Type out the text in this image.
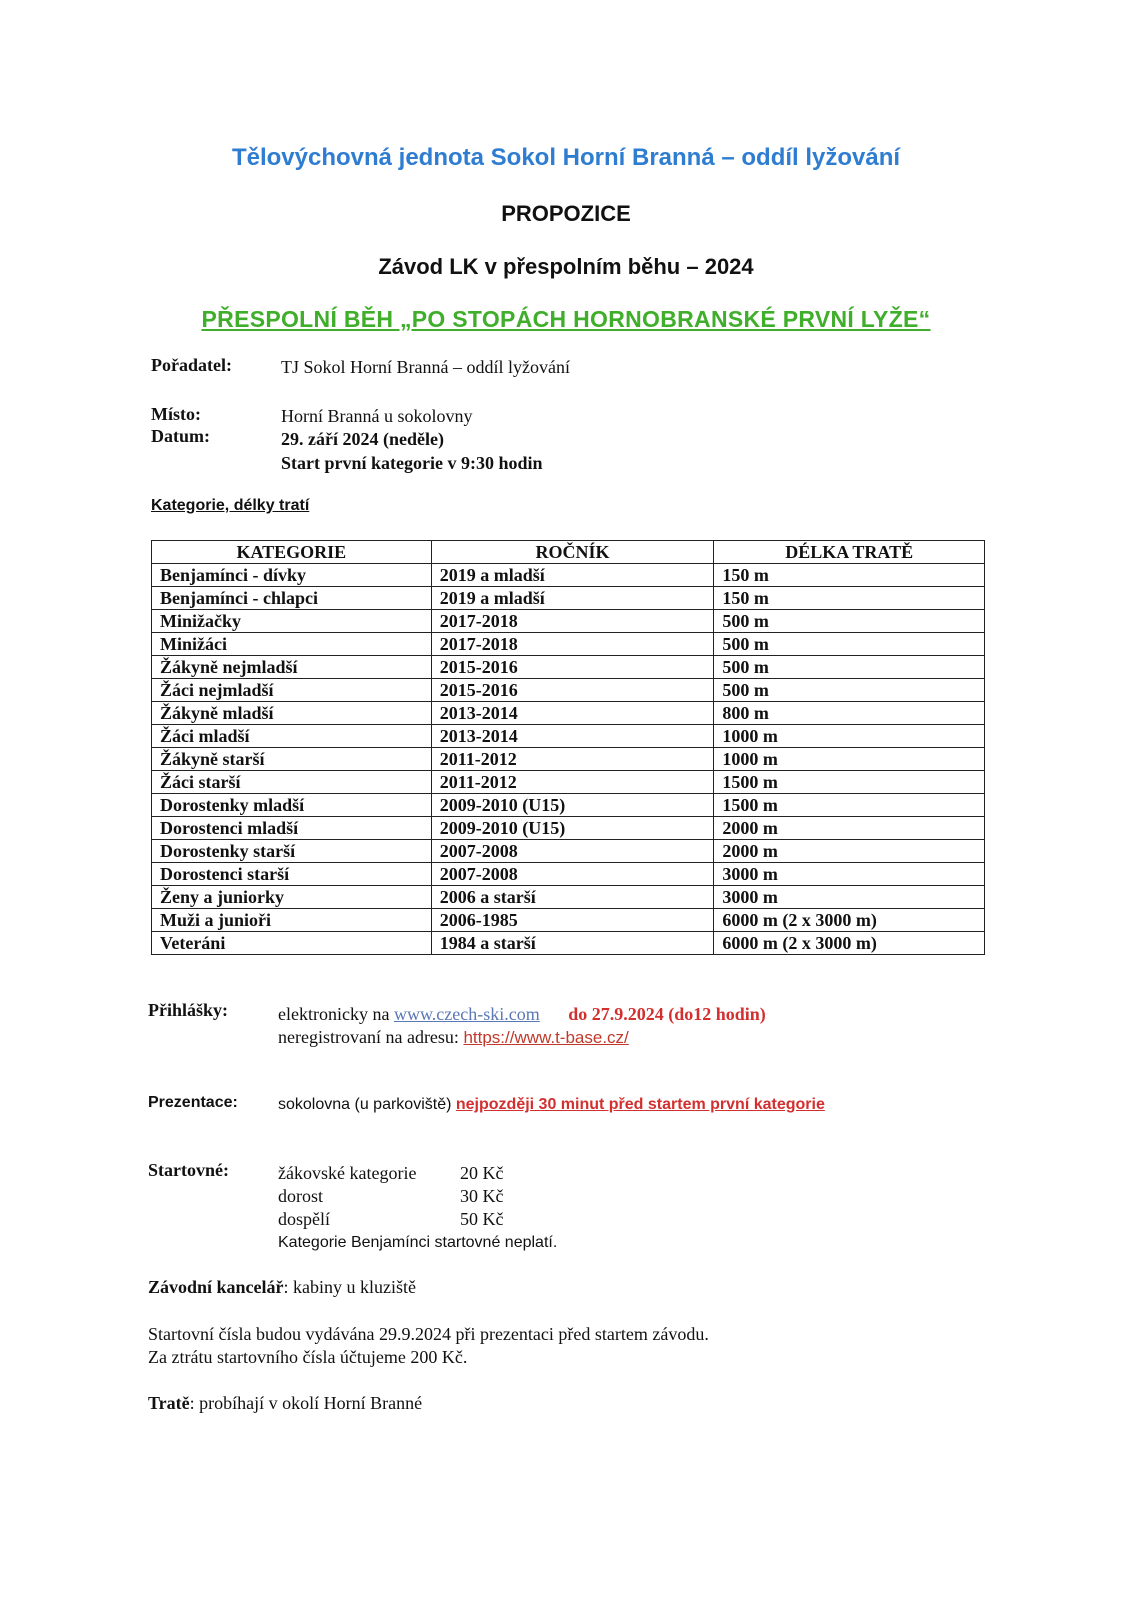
Tělovýchovná jednota Sokol Horní Branná – oddíl lyžování
PROPOZICE
Závod LK v přespolním běhu – 2024
PŘESPOLNÍ BĚH „PO STOPÁCH HORNOBRANSKÉ PRVNÍ LYŽE“
Pořadatel:	TJ Sokol Horní Branná – oddíl lyžování
Místo:	Horní Branná u sokolovny
Datum:	29. září 2024 (neděle)
Start první kategorie v 9:30 hodin
Kategorie, délky tratí
KATEGORIE	ROČNÍK	DÉLKA TRATĚ
Benjamínci - dívky	2019 a mladší	150 m
Benjamínci - chlapci	2019 a mladší	150 m
Minižačky	2017-2018	500 m
Minižáci	2017-2018	500 m
Žákyně nejmladší	2015-2016	500 m
Žáci nejmladší	2015-2016	500 m
Žákyně mladší	2013-2014	800 m
Žáci mladší	2013-2014	1000 m
Žákyně starší	2011-2012	1000 m
Žáci starší	2011-2012	1500 m
Dorostenky mladší	2009-2010 (U15)	1500 m
Dorostenci mladší	2009-2010 (U15)	2000 m
Dorostenky starší	2007-2008	2000 m
Dorostenci starší	2007-2008	3000 m
Ženy a juniorky	2006 a starší	3000 m
Muži a junioři	2006-1985	6000 m (2 x 3000 m)
Veteráni	1984 a starší	6000 m (2 x 3000 m)
Přihlášky:	elektronicky na www.czech-ski.com do 27.9.2024 (do12 hodin)
neregistrovaní na adresu: https://www.t-base.cz/
Prezentace:	sokolovna (u parkoviště) nejpozději 30 minut před startem první kategorie
Startovné:	žákovské kategorie 20 Kč
dorost	30 Kč
dospělí	50 Kč
Kategorie Benjamínci startovné neplatí.
Závodní kancelář: kabiny u kluziště
Startovní čísla budou vydávána 29.9.2024 při prezentaci před startem závodu.
Za ztrátu startovního čísla účtujeme 200 Kč.
Tratě: probíhají v okolí Horní Branné
